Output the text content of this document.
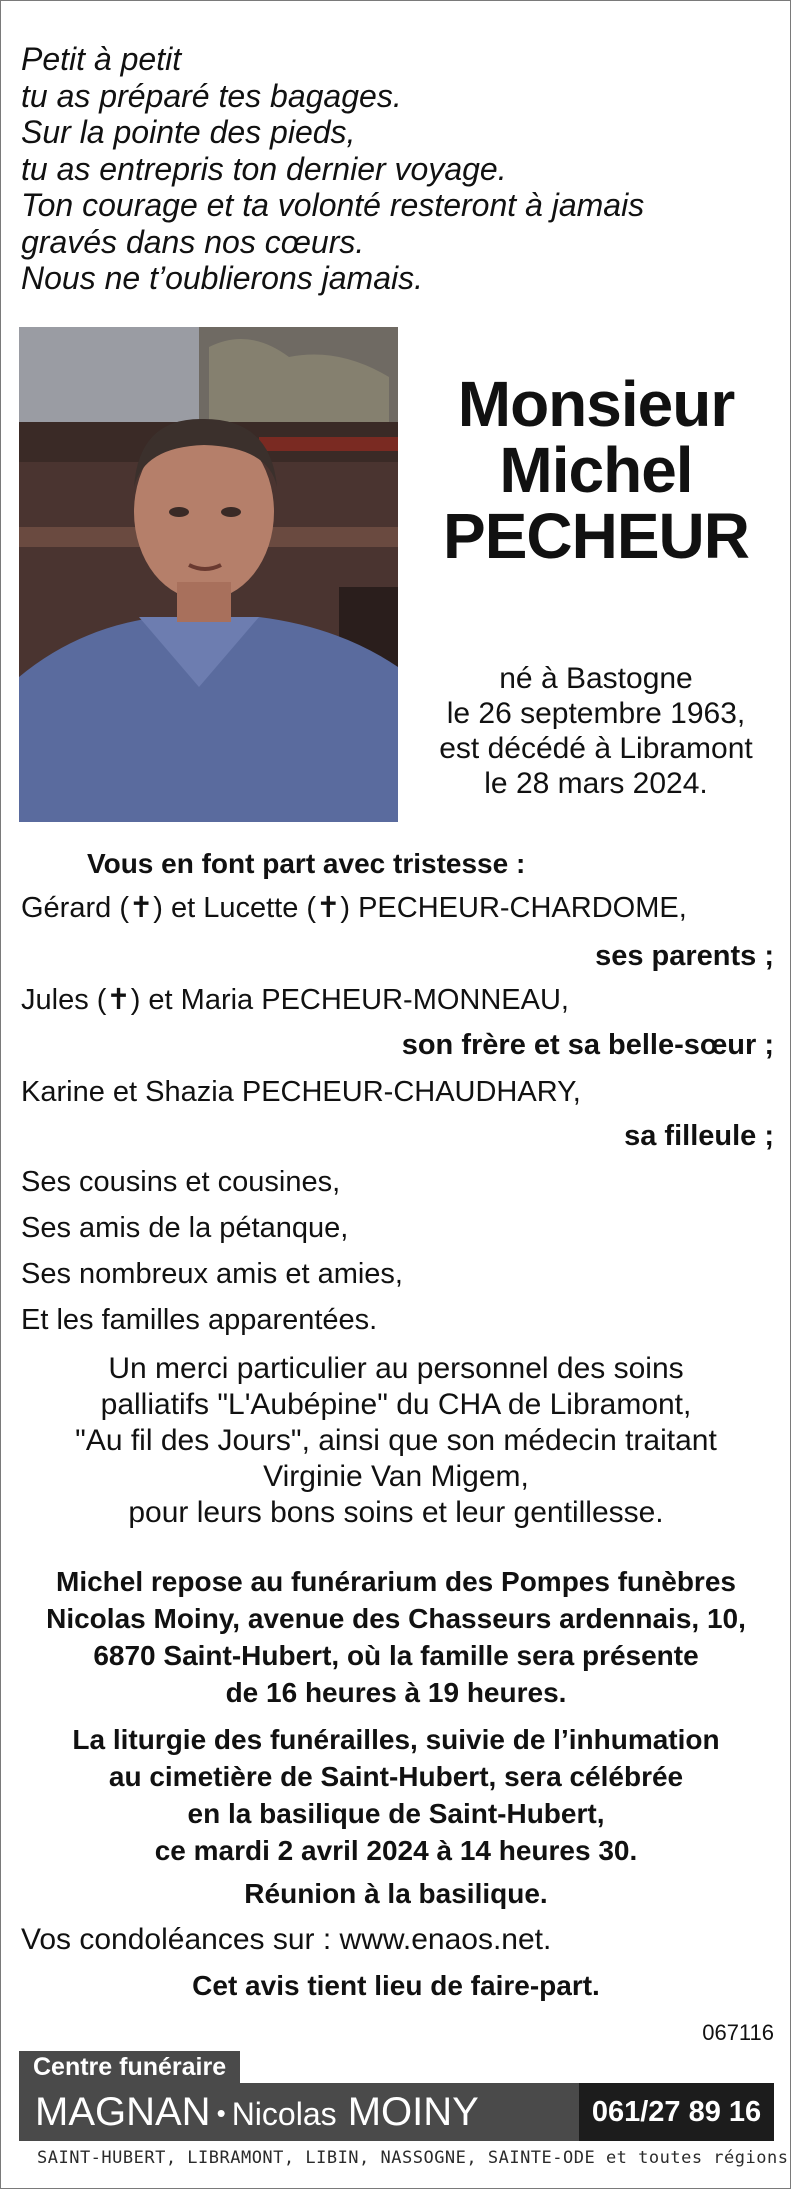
Petit à petit
tu as préparé tes bagages.
Sur la pointe des pieds,
tu as entrepris ton dernier voyage.
Ton courage et ta volonté resteront à jamais
gravés dans nos cœurs.
Nous ne t’oublierons jamais.
Monsieur
Michel
PECHEUR
né à Bastogne
le 26 septembre 1963,
est décédé à Libramont
le 28 mars 2024.
Vous en font part avec tristesse :
Gérard (✝) et Lucette (✝) PECHEUR-CHARDOME,
ses parents ;
Jules (✝) et Maria PECHEUR-MONNEAU,
son frère et sa belle-sœur ;
Karine et Shazia PECHEUR-CHAUDHARY,
sa filleule ;
Ses cousins et cousines,
Ses amis de la pétanque,
Ses nombreux amis et amies,
Et les familles apparentées.
Un merci particulier au personnel des soins
palliatifs "L'Aubépine" du CHA de Libramont,
"Au fil des Jours", ainsi que son médecin traitant
Virginie Van Migem,
pour leurs bons soins et leur gentillesse.
Michel repose au funérarium des Pompes funèbres
Nicolas Moiny, avenue des Chasseurs ardennais, 10,
6870 Saint-Hubert, où la famille sera présente
de 16 heures à 19 heures.
La liturgie des funérailles, suivie de l’inhumation
au cimetière de Saint-Hubert, sera célébrée
en la basilique de Saint-Hubert,
ce mardi 2 avril 2024 à 14 heures 30.
Réunion à la basilique.
Vos condoléances sur : www.enaos.net.
Cet avis tient lieu de faire-part.
067116
Centre funéraire
MAGNAN • Nicolas MOINY	061/27 89 16
SAINT-HUBERT, LIBRAMONT, LIBIN, NASSOGNE, SAINTE-ODE et toutes régions
